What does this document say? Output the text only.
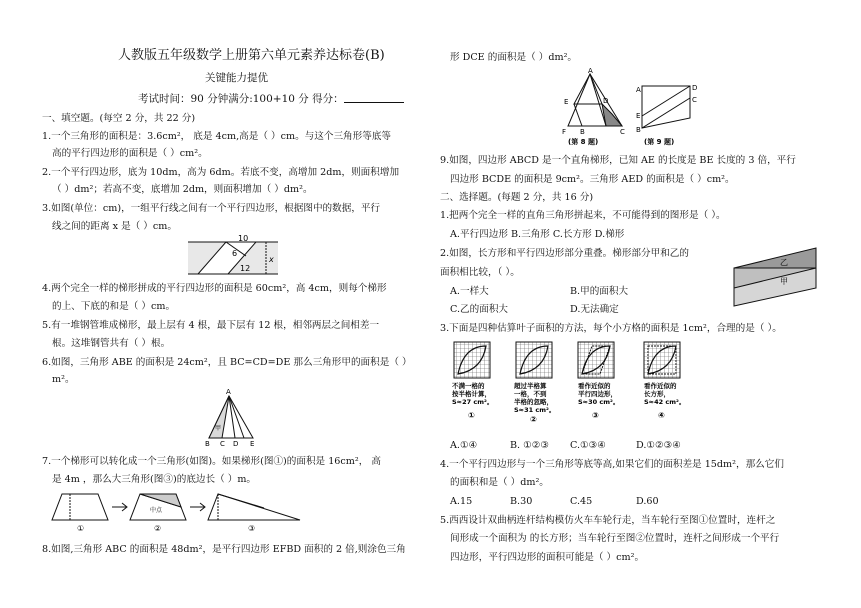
人教版五年级数学上册第六单元素养达标卷(B)
关键能力提优
考试时间：90 分钟满分:100+10 分 得分：
一、填空题。(每空 2 分，共 22 分)
1.一个三角形的面积是：3.6cm²， 底是 4cm,高是（ ）cm。与这个三角形等底等
高的平行四边形的面积是（ ）cm²。
2.一个平行四边形，底为 10dm，高为 6dm。若底不变，高增加 2dm，则面积增加
（ ）dm²；若高不变，底增加 2dm，则面积增加（ ）dm²。
3.如图(单位：cm)，一组平行线之间有一个平行四边形，根据图中的数据，平行
线之间的距离 x 是（ ）cm。
10
6
12
x
4.两个完全一样的梯形拼成的平行四边形的面积是 60cm²，高 4cm，则每个梯形
的上、下底的和是（ ）cm。
5.有一堆钢管堆成梯形，最上层有 4 根，最下层有 12 根，相邻两层之间相差一
根。这堆钢管共有（ ）根。
6.如图，三角形 ABE 的面积是 24cm²，且 BC=CD=DE 那么三角形甲的面积是（ ）
m²。
A
甲
B C D E
7.一个梯形可以转化成一个三角形(如图)。如果梯形(图①)的面积是 16cm²， 高
是 4m ，那么大三角形(图③)的底边长（ ）m。
①
中点
②	③
8.如图,三角形 ABC 的面积是 48dm²，是平行四边形 EFBD 面积的 2 倍,则涂色三角
形 DCE 的面积是（ ）dm²。
A
E	D
F B	C
(第 8 题)
A	D
C
E
B
(第 9 题)
9.如图，四边形 ABCD 是一个直角梯形，已知 AE 的长度是 BE 长度的 3 倍，平行
四边形 BCDE 的面积是 9cm²。三角形 AED 的面积是（ ）cm²。
二、选择题。(每题 2 分，共 16 分)
1.把两个完全一样的直角三角形拼起来，不可能得到的图形是（ ）。
A.平行四边形 B.三角形 C.长方形 D.梯形
2.如图，长方形和平行四边形部分重叠。梯形部分甲和乙的
面积相比较，（ ）。
乙
甲
A.一样大	B.甲的面积大
C.乙的面积大	D.无法确定
3.下面是四种估算叶子面积的方法，每个小方格的面积是 1cm²，合理的是（ ）。
不满一格的
按半格计算，
S≈27 cm²。
①
超过半格算
一格，不到
半格的忽略，
S≈31 cm²。
②
看作近似的
平行四边形，
S≈30 cm²。
③
看作近似的
长方形，
S≈42 cm²。
④
A.①④	B. ①②③ C.①③④	D.①②③④
4.一个平行四边形与一个三角形等底等高,如果它们的面积差是 15dm²，那么它们
的面积和是（ ）dm²。
A.15	B.30	C.45	D.60
5.西西设计双曲柄连杆结构模仿火车车轮行走，当车轮行至图①位置时，连杆之
间形成一个面积为 的长方形；当车轮行至图②位置时，连杆之间形成一个平行
四边形，平行四边形的面积可能是（ ）cm²。
